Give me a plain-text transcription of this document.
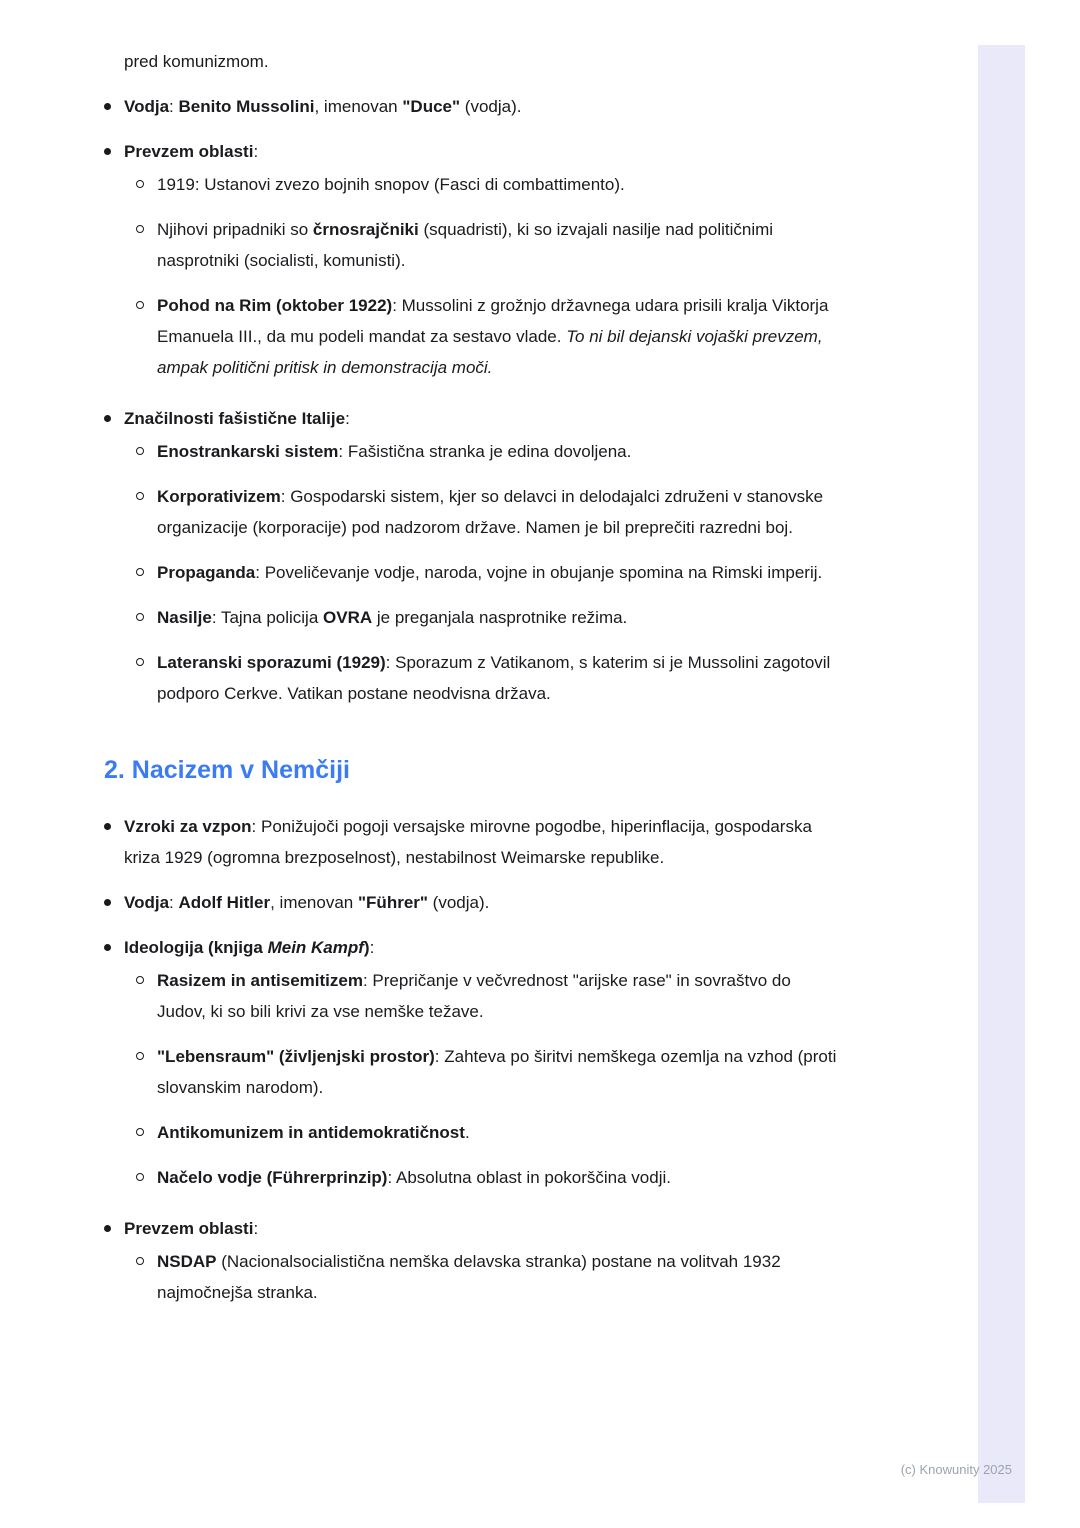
pred komunizmom.

Vodja: Benito Mussolini, imenovan "Duce" (vodja).
Prevzem oblasti:
1919: Ustanovi zvezo bojnih snopov (Fasci di combattimento).
Njihovi pripadniki so črnosrajčniki (squadristi), ki so izvajali nasilje nad političnimi nasprotniki (socialisti, komunisti).
Pohod na Rim (oktober 1922): Mussolini z grožnjo državnega udara prisili kralja Viktorja Emanuela III., da mu podeli mandat za sestavo vlade. To ni bil dejanski vojaški prevzem, ampak politični pritisk in demonstracija moči.
Značilnosti fašistične Italije:
Enostrankarski sistem: Fašistična stranka je edina dovoljena.
Korporativizem: Gospodarski sistem, kjer so delavci in delodajalci združeni v stanovske organizacije (korporacije) pod nadzorom države. Namen je bil preprečiti razredni boj.
Propaganda: Poveličevanje vodje, naroda, vojne in obujanje spomina na Rimski imperij.
Nasilje: Tajna policija OVRA je preganjala nasprotnike režima.
Lateranski sporazumi (1929): Sporazum z Vatikanom, s katerim si je Mussolini zagotovil podporo Cerkve. Vatikan postane neodvisna država.
2. Nacizem v Nemčiji
Vzroki za vzpon: Ponižujoči pogoji versajske mirovne pogodbe, hiperinflacija, gospodarska kriza 1929 (ogromna brezposelnost), nestabilnost Weimarske republike.
Vodja: Adolf Hitler, imenovan "Führer" (vodja).
Ideologija (knjiga Mein Kampf):
Rasizem in antisemitizem: Prepričanje v večvrednost "arijske rase" in sovraštvo do Judov, ki so bili krivi za vse nemške težave.
"Lebensraum" (življenjski prostor): Zahteva po širitvi nemškega ozemlja na vzhod (proti slovanskim narodom).
Antikomunizem in antidemokratičnost.
Načelo vodje (Führerprinzip): Absolutna oblast in pokorščina vodji.
Prevzem oblasti:
NSDAP (Nacionalsocialistična nemška delavska stranka) postane na volitvah 1932 najmočnejša stranka.
(c) Knowunity 2025
